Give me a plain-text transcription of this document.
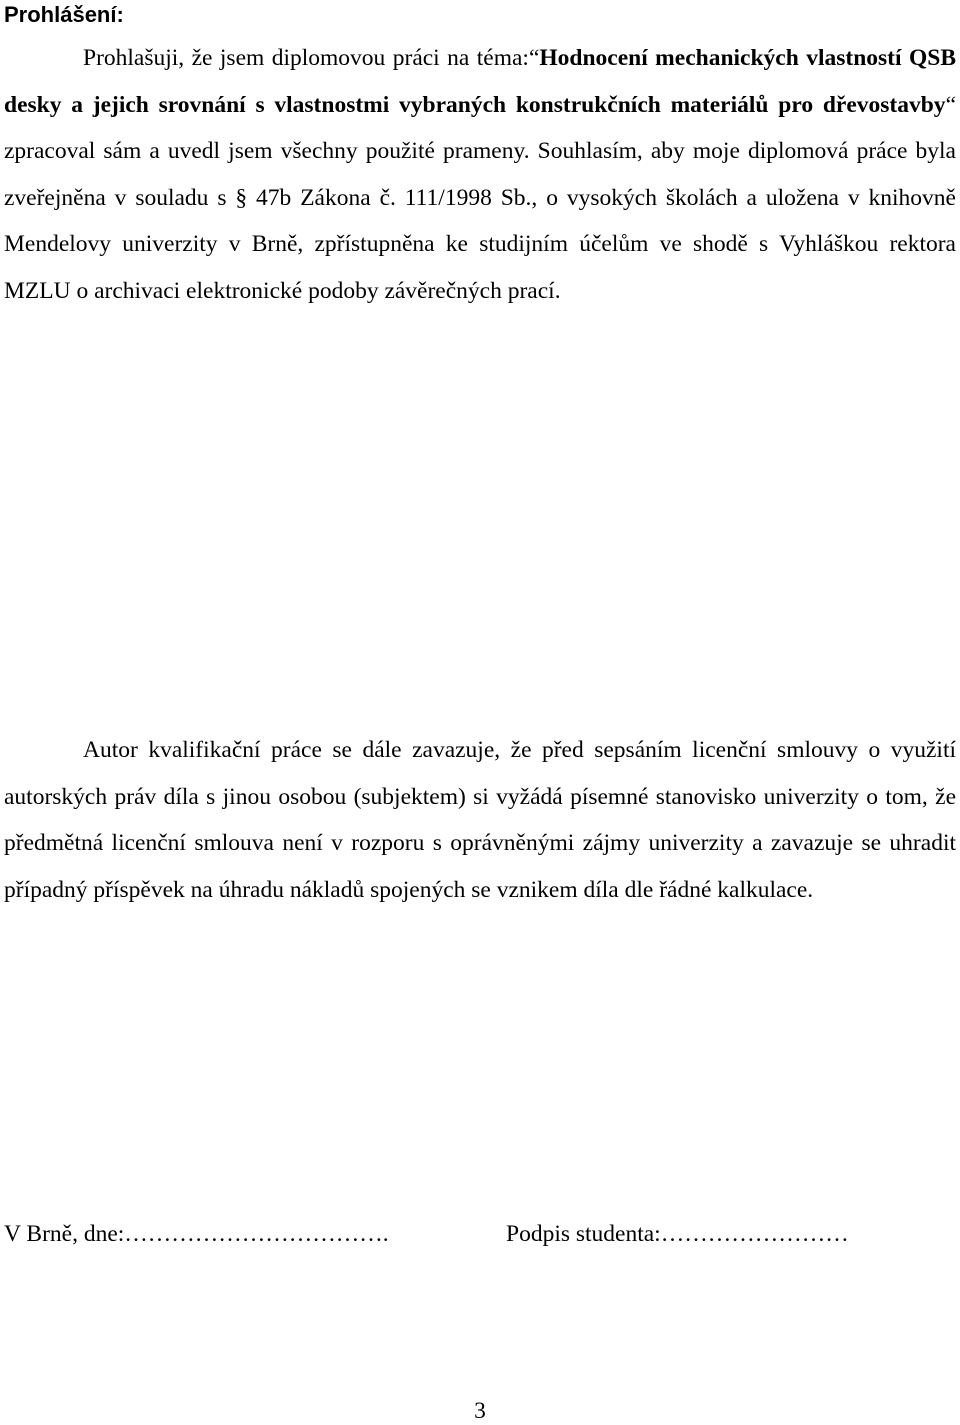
Prohlášení:

Prohlašuji, že jsem diplomovou práci na téma:“Hodnocení mechanických vlastností QSB desky a jejich srovnání s vlastnostmi vybraných konstrukčních materiálů pro dřevostavby“ zpracoval sám a uvedl jsem všechny použité prameny. Souhlasím, aby moje diplomová práce byla zveřejněna v souladu s § 47b Zákona č. 111/1998 Sb., o vysokých školách a uložena v knihovně Mendelovy univerzity v Brně, zpřístupněna ke studijním účelům ve shodě s Vyhláškou rektora MZLU o archivaci elektronické podoby závěrečných prací.

Autor kvalifikační práce se dále zavazuje, že před sepsáním licenční smlouvy o využití autorských práv díla s jinou osobou (subjektem) si vyžádá písemné stanovisko univerzity o tom, že předmětná licenční smlouva není v rozporu s oprávněnými zájmy univerzity a zavazuje se uhradit případný příspěvek na úhradu nákladů spojených se vznikem díla dle řádné kalkulace.

V Brně, dne:…………………………….	Podpis studenta:……………………

3
